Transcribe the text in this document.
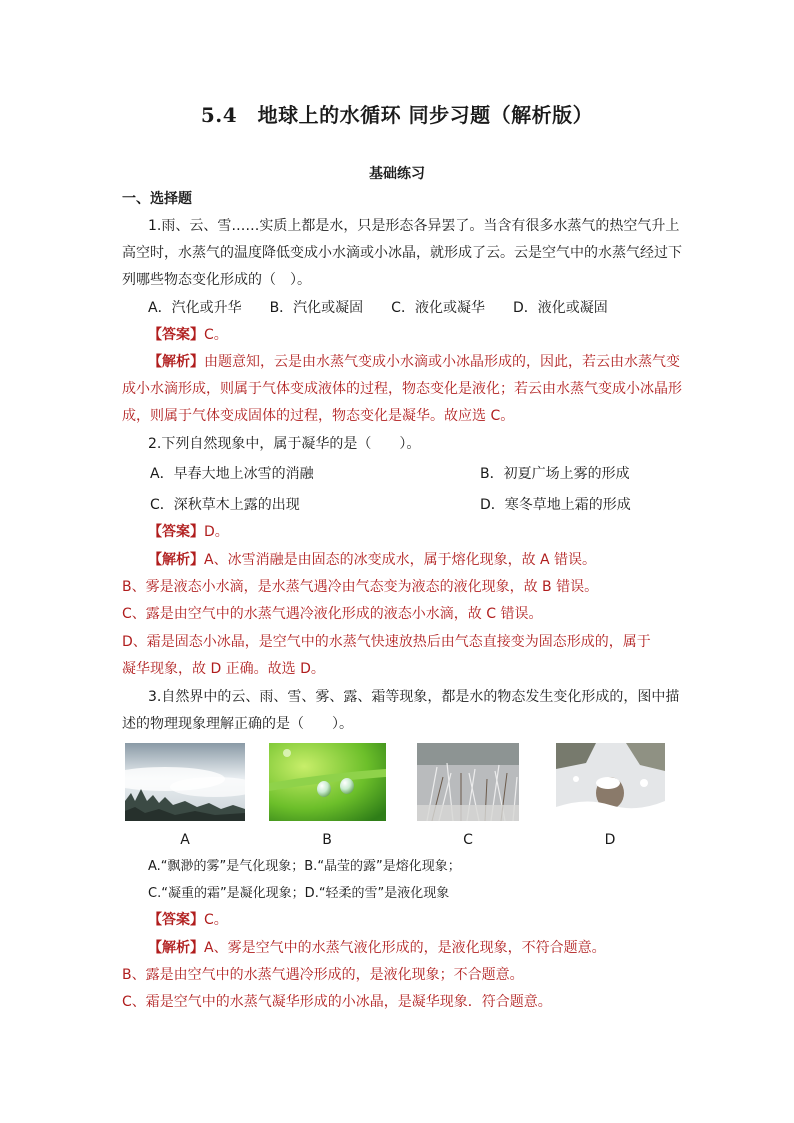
5.4　地球上的水循环 同步习题（解析版）
基础练习
一、选择题
1.雨、云、雪……实质上都是水，只是形态各异罢了。当含有很多水蒸气的热空气升上
高空时，水蒸气的温度降低变成小水滴或小冰晶，就形成了云。云是空气中的水蒸气经过下
列哪些物态变化形成的（　）。
A．汽化或升华　　B．汽化或凝固　　C．液化或凝华　　D．液化或凝固
【答案】C。
【解析】由题意知，云是由水蒸气变成小水滴或小冰晶形成的，因此，若云由水蒸气变
成小水滴形成，则属于气体变成液体的过程，物态变化是液化；若云由水蒸气变成小冰晶形
成，则属于气体变成固体的过程，物态变化是凝华。故应选 C。
2.下列自然现象中，属于凝华的是（　　）。
A．早春大地上冰雪的消融	B．初夏广场上雾的形成
C．深秋草木上露的出现	D．寒冬草地上霜的形成
【答案】D。
【解析】A、冰雪消融是由固态的冰变成水，属于熔化现象，故 A 错误。
B、雾是液态小水滴，是水蒸气遇冷由气态变为液态的液化现象，故 B 错误。
C、露是由空气中的水蒸气遇冷液化形成的液态小水滴，故 C 错误。
D、霜是固态小冰晶，是空气中的水蒸气快速放热后由气态直接变为固态形成的，属于
凝华现象，故 D 正确。故选 D。
3.自然界中的云、雨、雪、雾、露、霜等现象，都是水的物态发生变化形成的，图中描
述的物理现象理解正确的是（　　）。
A	B	C	D
A.“飘渺的雾”是气化现象；B.“晶莹的露”是熔化现象；
C.“凝重的霜”是凝化现象；D.“轻柔的雪”是液化现象
【答案】C。
【解析】A、雾是空气中的水蒸气液化形成的，是液化现象，不符合题意。
B、露是由空气中的水蒸气遇冷形成的，是液化现象；不合题意。
C、霜是空气中的水蒸气凝华形成的小冰晶，是凝华现象．符合题意。
